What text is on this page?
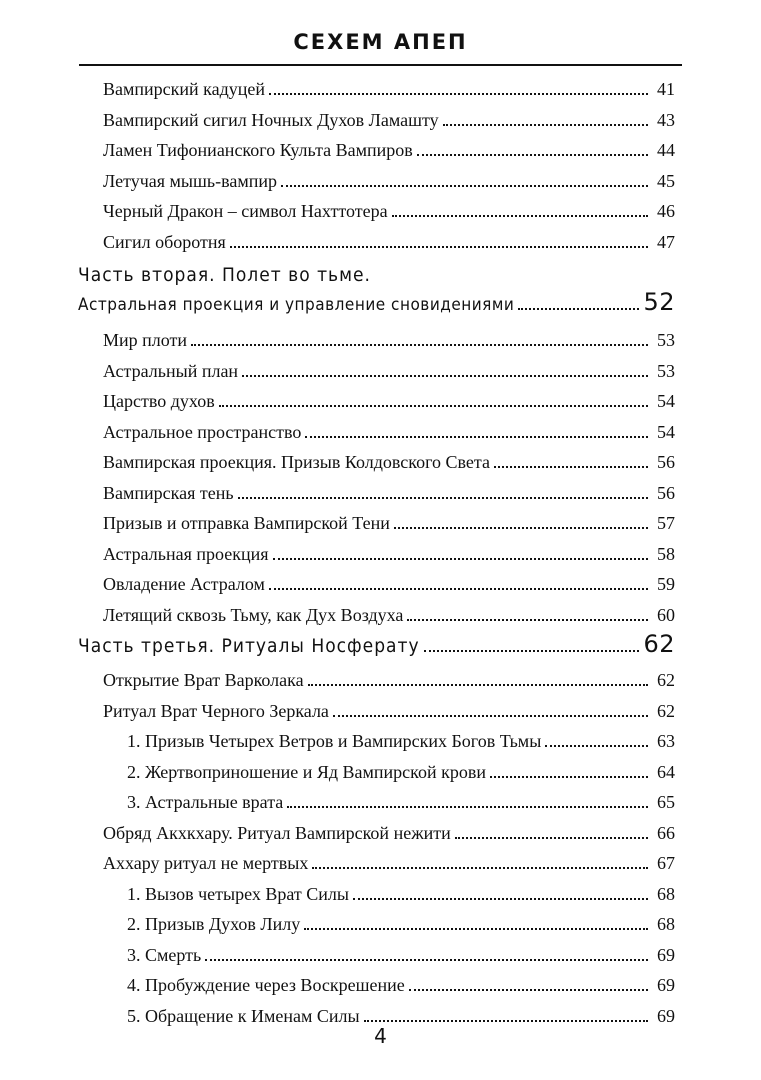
СЕХЕМ АПЕП
Вампирский кадуцей	41
Вампирский сигил Ночных Духов Ламашту	43
Ламен Тифонианского Культа Вампиров	44
Летучая мышь-вампир	45
Черный Дракон – символ Нахттотера	46
Сигил оборотня	47
Часть вторая. Полет во тьме.
Астральная проекция и управление сновидениями	52
Мир плоти	53
Астральный план	53
Царство духов	54
Астральное пространство	54
Вампирская проекция. Призыв Колдовского Света	56
Вампирская тень	56
Призыв и отправка Вампирской Тени	57
Астральная проекция	58
Овладение Астралом	59
Летящий сквозь Тьму, как Дух Воздуха	60
Часть третья. Ритуалы Носферату	62
Открытие Врат Варколака	62
Ритуал Врат Черного Зеркала	62
1. Призыв Четырех Ветров и Вампирских Богов Тьмы	63
2. Жертвоприношение и Яд Вампирской крови	64
3. Астральные врата	65
Обряд Акхкхару. Ритуал Вампирской нежити	66
Аххару ритуал не мертвых	67
1. Вызов четырех Врат Силы	68
2. Призыв Духов Лилу	68
3. Смерть	69
4. Пробуждение через Воскрешение	69
5. Обращение к Именам Силы	69
4
